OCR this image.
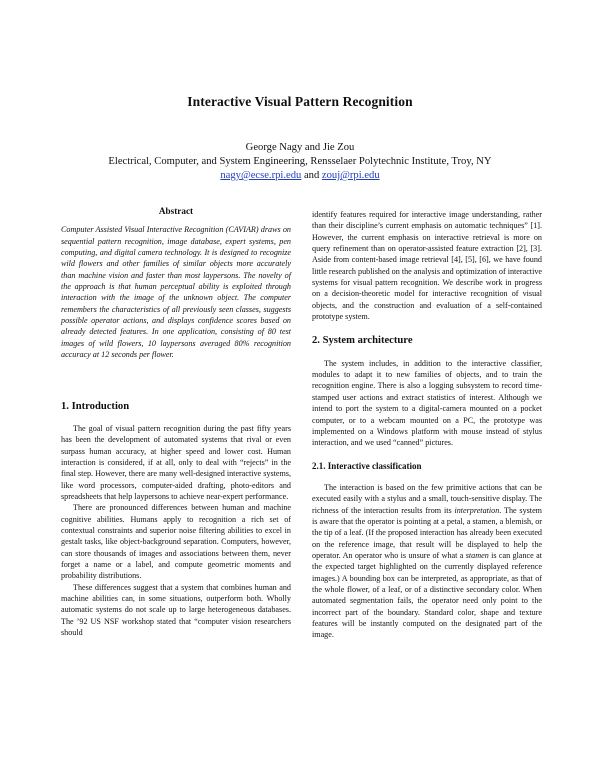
Interactive Visual Pattern Recognition
George Nagy and Jie Zou
Electrical, Computer, and System Engineering, Rensselaer Polytechnic Institute, Troy, NY
nagy@ecse.rpi.edu and zouj@rpi.edu
Abstract

Computer Assisted Visual Interactive Recognition (CAVIAR) draws on sequential pattern recognition, image database, expert systems, pen computing, and digital camera technology. It is designed to recognize wild flowers and other families of similar objects more accurately than machine vision and faster than most laypersons. The novelty of the approach is that human perceptual ability is exploited through interaction with the image of the unknown object. The computer remembers the characteristics of all previously seen classes, suggests possible operator actions, and displays confidence scores based on already detected features. In one application, consisting of 80 test images of wild flowers, 10 laypersons averaged 80% recognition accuracy at 12 seconds per flower.

1. Introduction

The goal of visual pattern recognition during the past fifty years has been the development of automated systems that rival or even surpass human accuracy, at higher speed and lower cost. Human interaction is considered, if at all, only to deal with “rejects” in the final step. However, there are many well-designed interactive systems, like word processors, computer-aided drafting, photo-editors and spreadsheets that help laypersons to achieve near-expert performance.

There are pronounced differences between human and machine cognitive abilities. Humans apply to recognition a rich set of contextual constraints and superior noise filtering abilities to excel in gestalt tasks, like object-background separation. Computers, however, can store thousands of images and associations between them, never forget a name or a label, and compute geometric moments and probability distributions.

These differences suggest that a system that combines human and machine abilities can, in some situations, outperform both. Wholly automatic systems do not scale up to large heterogeneous databases. The ’92 US NSF workshop stated that “computer vision researchers should

identify features required for interactive image understanding, rather than their discipline’s current emphasis on automatic techniques” [1]. However, the current emphasis on interactive retrieval is more on query refinement than on operator-assisted feature extraction [2], [3]. Aside from content-based image retrieval [4], [5], [6], we have found little research published on the analysis and optimization of interactive systems for visual pattern recognition. We describe work in progress on a decision-theoretic model for interactive recognition of visual objects, and the construction and evaluation of a self-contained prototype system.

2. System architecture

The system includes, in addition to the interactive classifier, modules to adapt it to new families of objects, and to train the recognition engine. There is also a logging subsystem to record time-stamped user actions and extract statistics of interest. Although we intend to port the system to a digital-camera mounted on a pocket computer, or to a webcam mounted on a PC, the prototype was implemented on a Windows platform with mouse instead of stylus interaction, and we used “canned” pictures.

2.1. Interactive classification

The interaction is based on the few primitive actions that can be executed easily with a stylus and a small, touch-sensitive display. The richness of the interaction results from its interpretation. The system is aware that the operator is pointing at a petal, a stamen, a blemish, or the tip of a leaf. (If the proposed interaction has already been executed on the reference image, that result will be displayed to help the operator. An operator who is unsure of what a stamen is can glance at the expected target highlighted on the currently displayed reference images.) A bounding box can be interpreted, as appropriate, as that of the whole flower, of a leaf, or of a distinctive secondary color. When automated segmentation fails, the operator need only point to the incorrect part of the boundary. Standard color, shape and texture features will be instantly computed on the designated part of the image.
